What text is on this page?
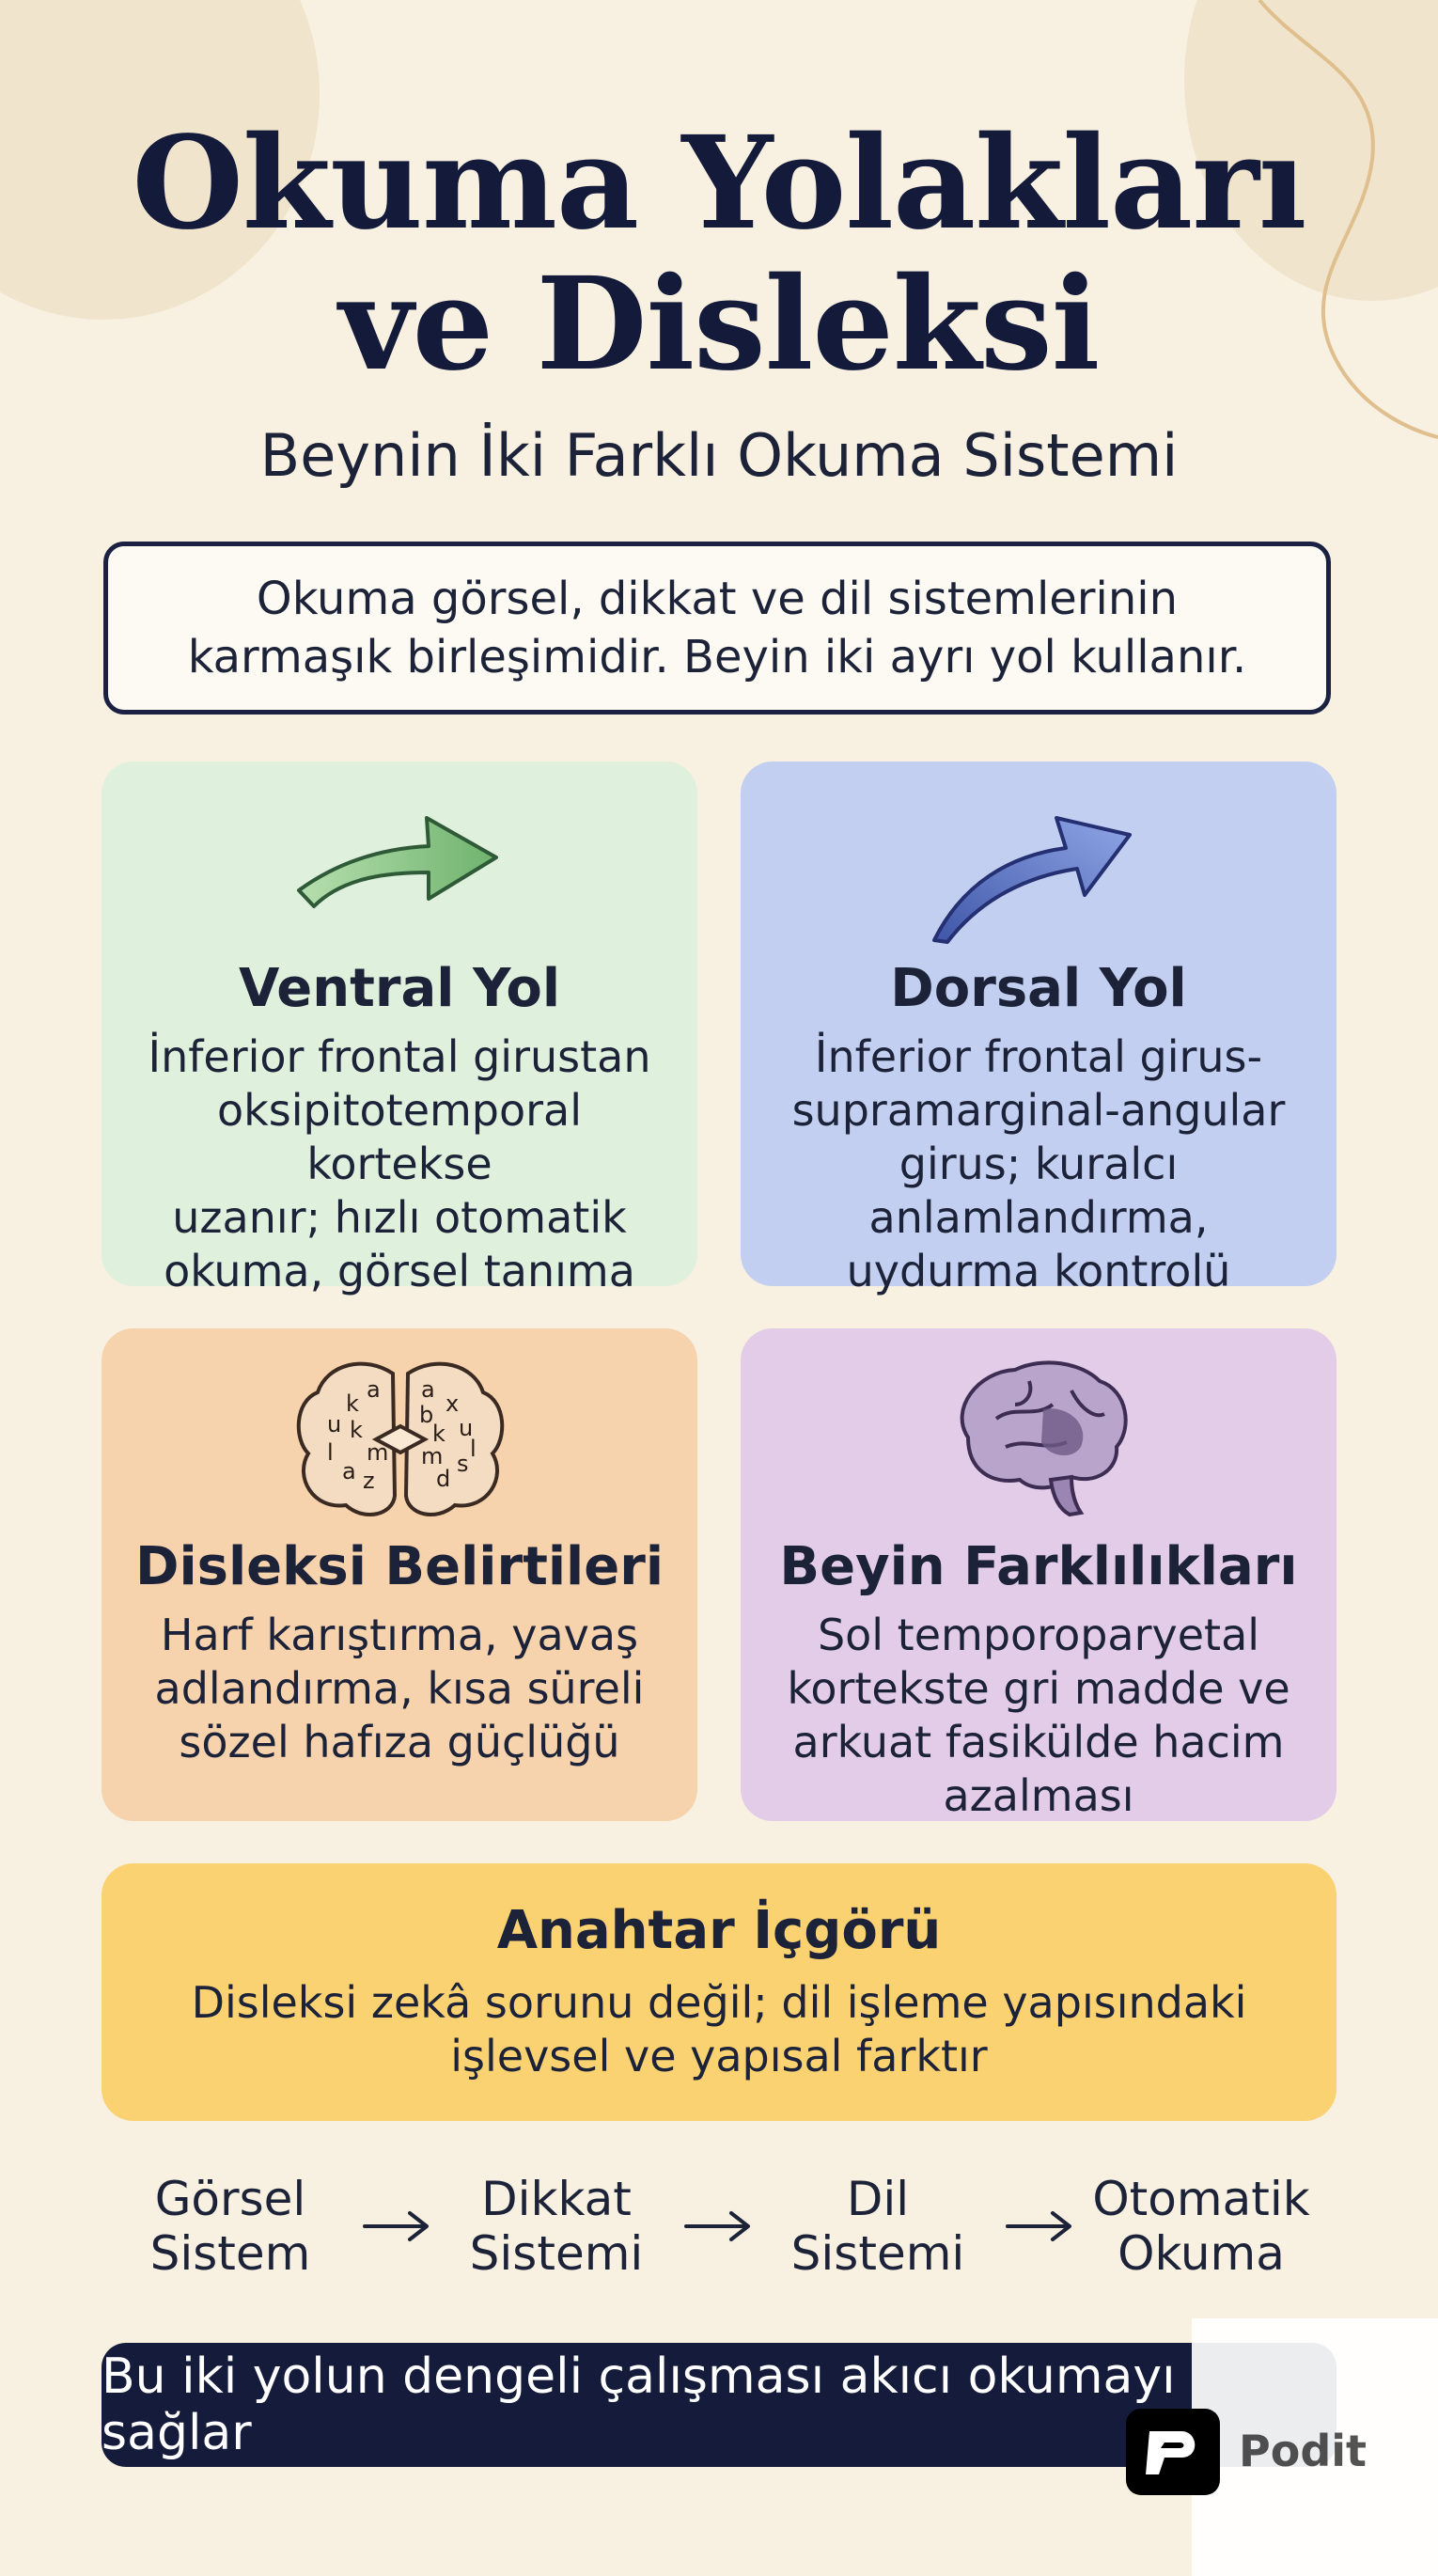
Okuma Yolakları
ve Disleksi
Beynin İki Farklı Okuma Sistemi
Okuma görsel, dikkat ve dil sistemlerinin
karmaşık birleşimidir. Beyin iki ayrı yol kullanır.
Ventral Yol
İnferior frontal girustan
oksipitotemporal kortekse
uzanır; hızlı otomatik
okuma, görsel tanıma
Dorsal Yol
İnferior frontal girus-
supramarginal-angular
girus; kuralcı anlamlandırma,
uydurma kontrolü
a
k
u k
l m
a z
a
b x
k u
m l
d
s
Disleksi Belirtileri
Harf karıştırma, yavaş
adlandırma, kısa süreli
sözel hafıza güçlüğü
Beyin Farklılıkları
Sol temporoparyetal
kortekste gri madde ve
arkuat fasikülde hacim
azalması
Anahtar İçgörü
Disleksi zekâ sorunu değil; dil işleme yapısındaki
işlevsel ve yapısal farktır
Görsel
Sistem
Dikkat
Sistemi
Dil
Sistemi
Otomatik
Okuma
Bu iki yolun dengeli çalışması akıcı okumayı sağlar	Podit
